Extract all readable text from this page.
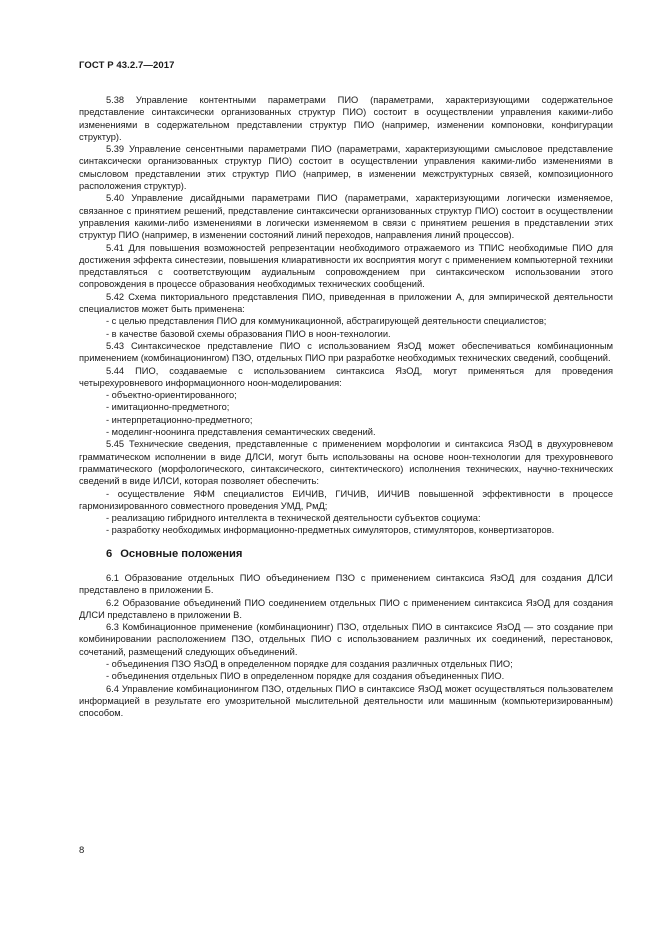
ГОСТ Р 43.2.7—2017

5.38 Управление контентными параметрами ПИО (параметрами, характеризующими содержательное представление синтаксически организованных структур ПИО) состоит в осуществлении управления какими-либо изменениями в содержательном представлении структур ПИО (например, изменении компоновки, конфигурации структур).

5.39 Управление сенсентными параметрами ПИО (параметрами, характеризующими смысловое представление синтаксически организованных структур ПИО) состоит в осуществлении управления какими-либо изменениями в смысловом представлении этих структур ПИО (например, в изменении межструктурных связей, композиционного расположения структур).

5.40 Управление дисайдными параметрами ПИО (параметрами, характеризующими логически изменяемое, связанное с принятием решений, представление синтаксически организованных структур ПИО) состоит в осуществлении управления какими-либо изменениями в логически изменяемом в связи с принятием решения в представлении этих структур ПИО (например, в изменении состояний линий переходов, направления линий процессов).

5.41 Для повышения возможностей репрезентации необходимого отражаемого из ТПИС необходимые ПИО для достижения эффекта синестезии, повышения клиаративности их восприятия могут с применением компьютерной техники представляться с соответствующим аудиальным сопровождением при синтаксическом использовании этого сопровождения в процессе образования необходимых технических сообщений.

5.42 Схема пикториального представления ПИО, приведенная в приложении А, для эмпирической деятельности специалистов может быть применена:

- с целью представления ПИО для коммуникационной, абстрагирующей деятельности специалистов;

- в качестве базовой схемы образования ПИО в ноон-технологии.

5.43 Синтаксическое представление ПИО с использованием ЯзОД может обеспечиваться комбинационным применением (комбинационингом) ПЗО, отдельных ПИО при разработке необходимых технических сведений, сообщений.

5.44 ПИО, создаваемые с использованием синтаксиса ЯзОД, могут применяться для проведения четырехуровневого информационного ноон-моделирования:

- объектно-ориентированного;

- имитационно-предметного;

- интерпретационно-предметного;

- моделинг-ноонинга представления семантических сведений.

5.45 Технические сведения, представленные с применением морфологии и синтаксиса ЯзОД в двухуровневом грамматическом исполнении в виде ДЛСИ, могут быть использованы на основе ноон-технологии для трехуровневого грамматического (морфологического, синтаксического, синтектического) исполнения технических, научно-технических сведений в виде ИЛСИ, которая позволяет обеспечить:

- осуществление ЯФМ специалистов ЕИЧИВ, ГИЧИВ, ИИЧИВ повышенной эффективности в процессе гармонизированного совместного проведения УМД, РмД;

- реализацию гибридного интеллекта в технической деятельности субъектов социума:

- разработку необходимых информационно-предметных симуляторов, стимуляторов, конвертизаторов.

6 Основные положения

6.1 Образование отдельных ПИО объединением ПЗО с применением синтаксиса ЯзОД для создания ДЛСИ представлено в приложении Б.

6.2 Образование объединений ПИО соединением отдельных ПИО с применением синтаксиса ЯзОД для создания ДЛСИ представлено в приложении В.

6.3 Комбинационное применение (комбинационинг) ПЗО, отдельных ПИО в синтаксисе ЯзОД — это создание при комбинировании расположением ПЗО, отдельных ПИО с использованием различных их соединений, перестановок, сочетаний, размещений следующих объединений.

- объединения ПЗО ЯзОД в определенном порядке для создания различных отдельных ПИО;

- объединения отдельных ПИО в определенном порядке для создания объединенных ПИО.

6.4 Управление комбинационингом ПЗО, отдельных ПИО в синтаксисе ЯзОД может осуществляться пользователем информацией в результате его умозрительной мыслительной деятельности или машинным (компьютеризированным) способом.

8
